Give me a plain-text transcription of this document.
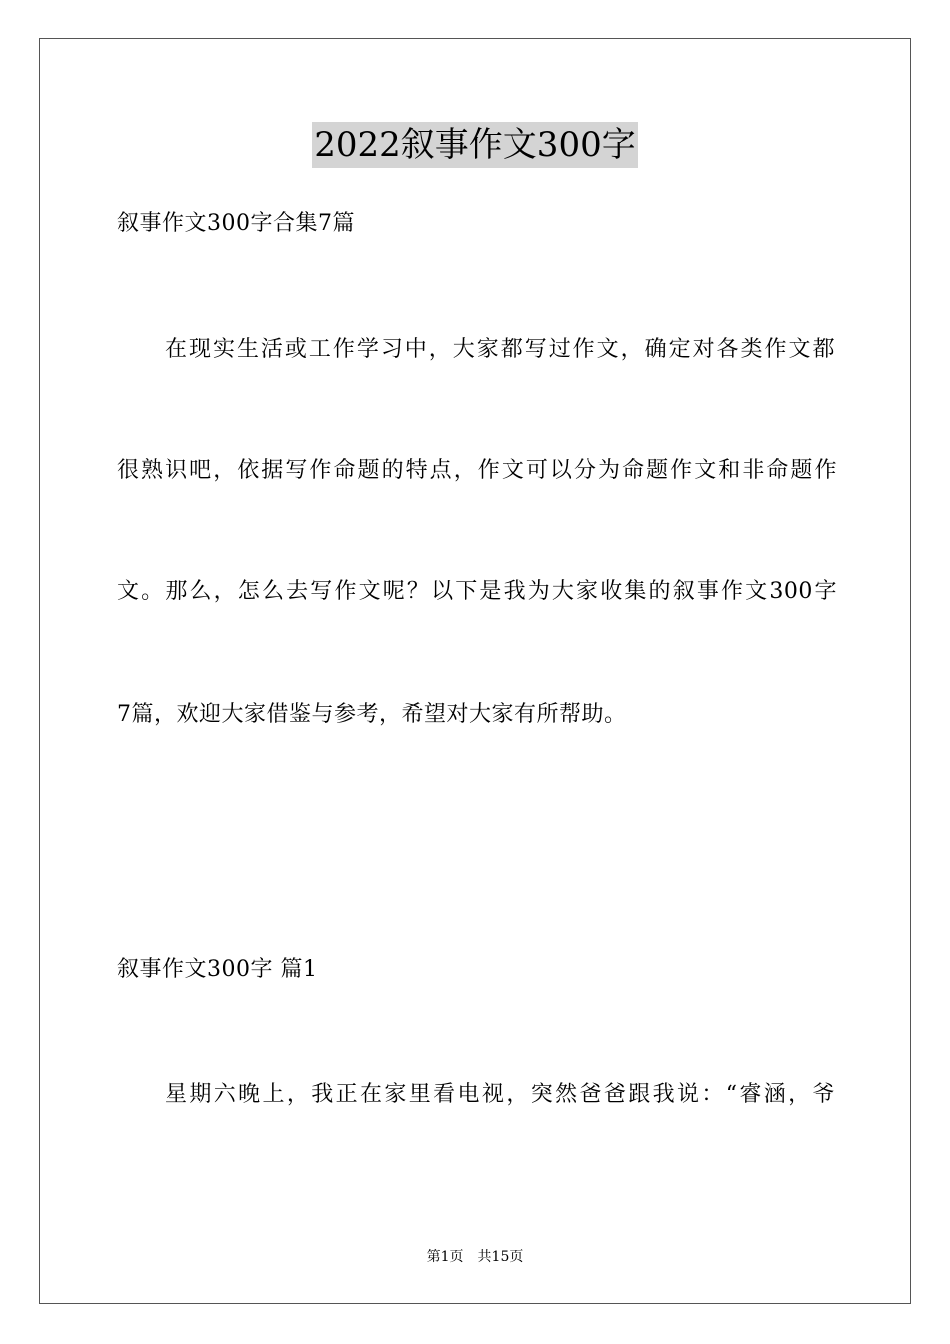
2022叙事作文300字
叙事作文300字合集7篇
在现实生活或工作学习中，大家都写过作文，确定对各类作文都
很熟识吧，依据写作命题的特点，作文可以分为命题作文和非命题作
文。那么，怎么去写作文呢？以下是我为大家收集的叙事作文300字
7篇，欢迎大家借鉴与参考，希望对大家有所帮助。
叙事作文300字 篇1
星期六晚上，我正在家里看电视，突然爸爸跟我说：“睿涵，爷
第1页 共15页
